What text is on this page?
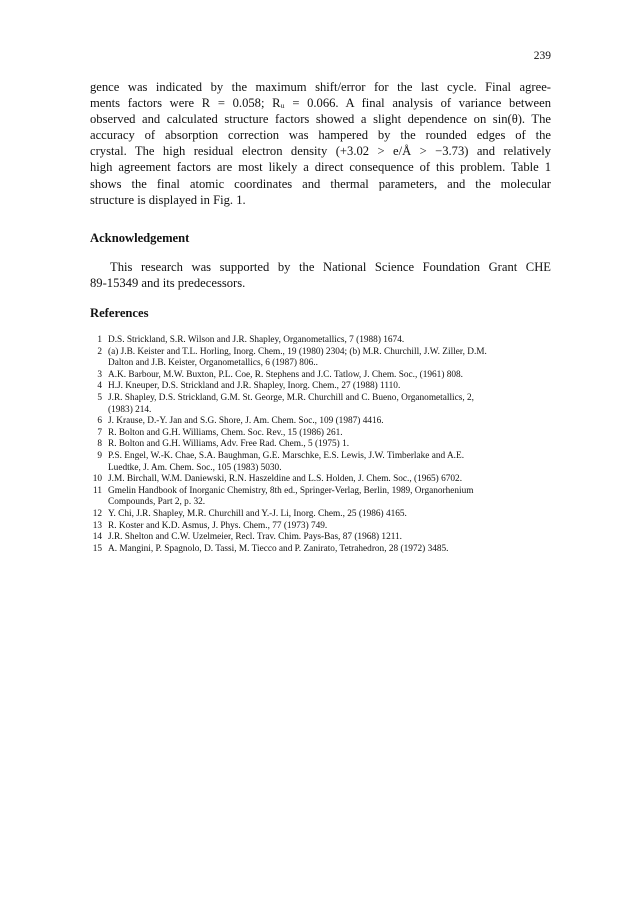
239
gence was indicated by the maximum shift/error for the last cycle. Final agree-
ments factors were R = 0.058; Rᵤ = 0.066. A final analysis of variance between
observed and calculated structure factors showed a slight dependence on sin(θ). The
accuracy of absorption correction was hampered by the rounded edges of the
crystal. The high residual electron density (+3.02 > e/Å > −3.73) and relatively
high agreement factors are most likely a direct consequence of this problem. Table 1
shows the final atomic coordinates and thermal parameters, and the molecular
structure is displayed in Fig. 1.
Acknowledgement
This research was supported by the National Science Foundation Grant CHE
89-15349 and its predecessors.
References
1 D.S. Strickland, S.R. Wilson and J.R. Shapley, Organometallics, 7 (1988) 1674.
2 (a) J.B. Keister and T.L. Horling, Inorg. Chem., 19 (1980) 2304; (b) M.R. Churchill, J.W. Ziller, D.M.
Dalton and J.B. Keister, Organometallics, 6 (1987) 806..
3 A.K. Barbour, M.W. Buxton, P.L. Coe, R. Stephens and J.C. Tatlow, J. Chem. Soc., (1961) 808.
4 H.J. Kneuper, D.S. Strickland and J.R. Shapley, Inorg. Chem., 27 (1988) 1110.
5 J.R. Shapley, D.S. Strickland, G.M. St. George, M.R. Churchill and C. Bueno, Organometallics, 2,
(1983) 214.
6 J. Krause, D.-Y. Jan and S.G. Shore, J. Am. Chem. Soc., 109 (1987) 4416.
7 R. Bolton and G.H. Williams, Chem. Soc. Rev., 15 (1986) 261.
8 R. Bolton and G.H. Williams, Adv. Free Rad. Chem., 5 (1975) 1.
9 P.S. Engel, W.-K. Chae, S.A. Baughman, G.E. Marschke, E.S. Lewis, J.W. Timberlake and A.E.
Luedtke, J. Am. Chem. Soc., 105 (1983) 5030.
10 J.M. Birchall, W.M. Daniewski, R.N. Haszeldine and L.S. Holden, J. Chem. Soc., (1965) 6702.
11 Gmelin Handbook of Inorganic Chemistry, 8th ed., Springer-Verlag, Berlin, 1989, Organorhenium
Compounds, Part 2, p. 32.
12 Y. Chi, J.R. Shapley, M.R. Churchill and Y.-J. Li, Inorg. Chem., 25 (1986) 4165.
13 R. Koster and K.D. Asmus, J. Phys. Chem., 77 (1973) 749.
14 J.R. Shelton and C.W. Uzelmeier, Recl. Trav. Chim. Pays-Bas, 87 (1968) 1211.
15 A. Mangini, P. Spagnolo, D. Tassi, M. Tiecco and P. Zanirato, Tetrahedron, 28 (1972) 3485.
